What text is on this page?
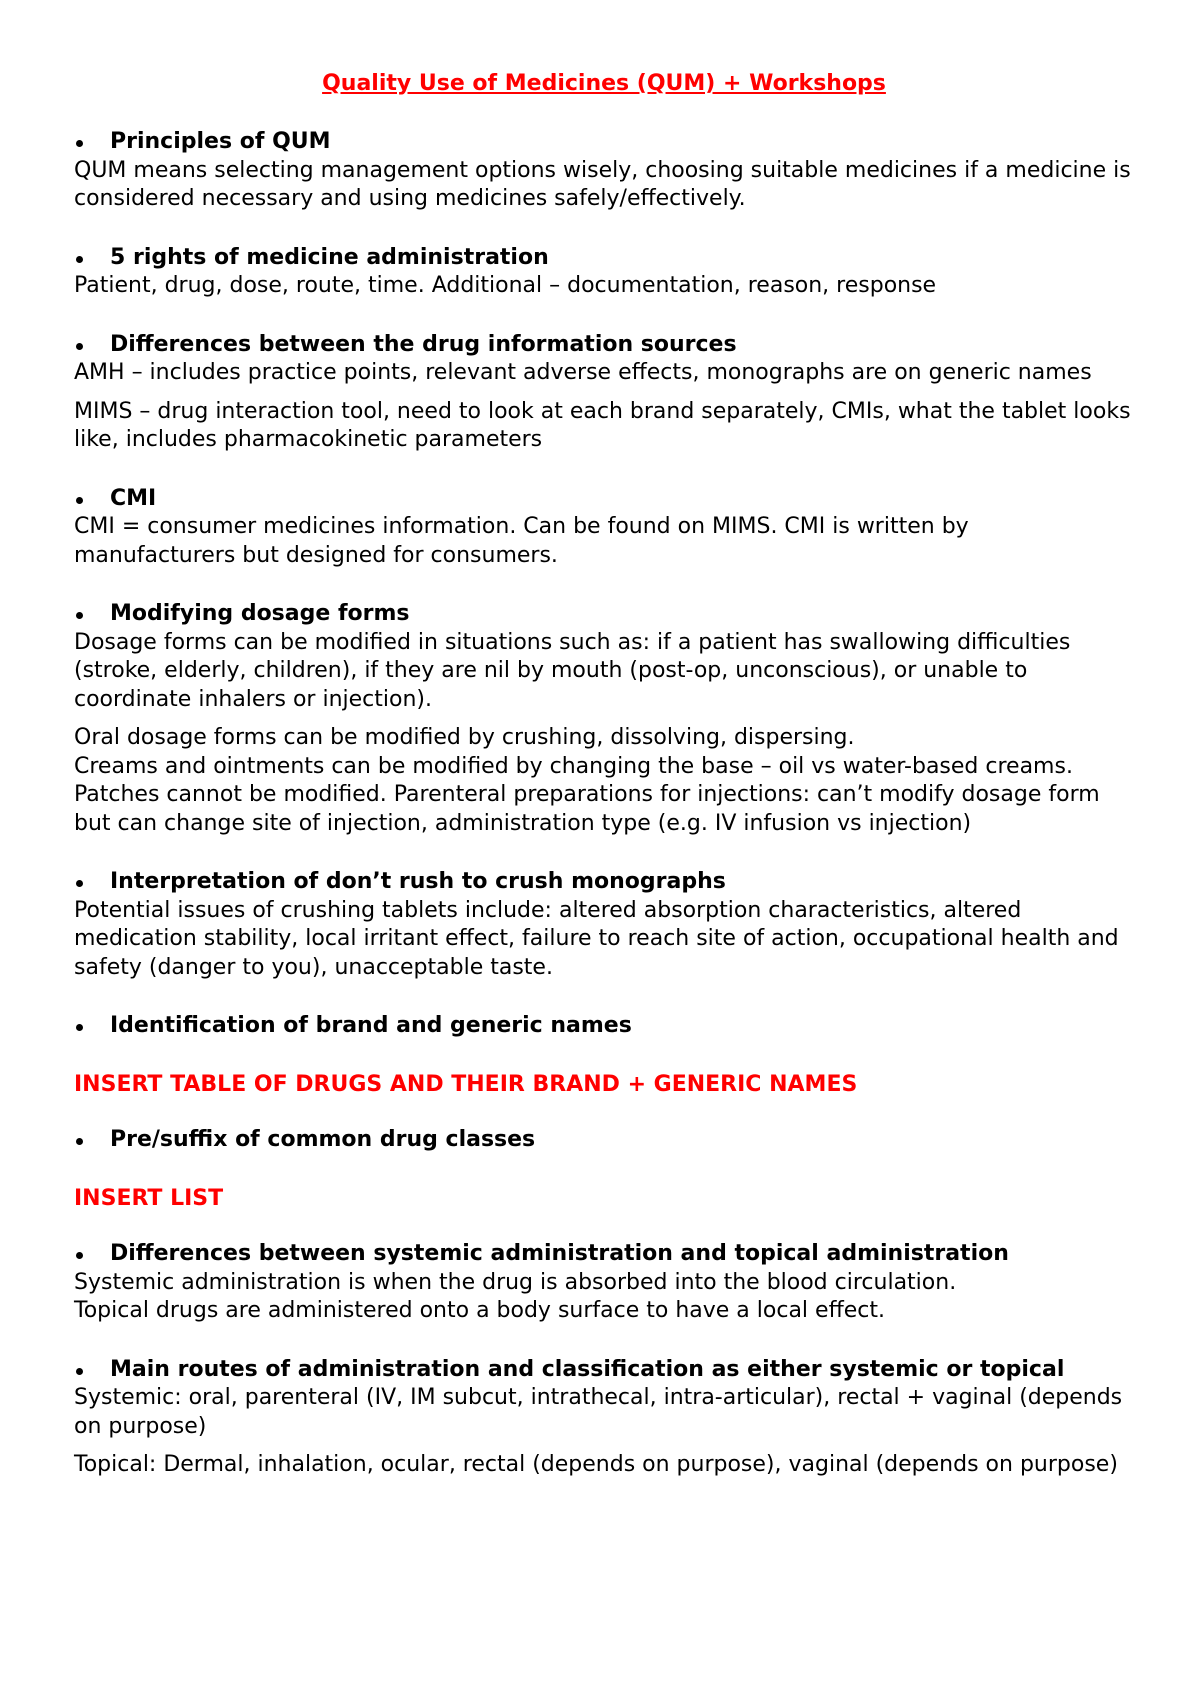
Quality Use of Medicines (QUM) + Workshops

Principles of QUM

QUM means selecting management options wisely, choosing suitable medicines if a medicine is considered necessary and using medicines safely/effectively.

5 rights of medicine administration

Patient, drug, dose, route, time. Additional – documentation, reason, response

Differences between the drug information sources

AMH – includes practice points, relevant adverse effects, monographs are on generic names

MIMS – drug interaction tool, need to look at each brand separately, CMIs, what the tablet looks like, includes pharmacokinetic parameters

CMI

CMI = consumer medicines information. Can be found on MIMS. CMI is written by manufacturers but designed for consumers.

Modifying dosage forms

Dosage forms can be modified in situations such as: if a patient has swallowing difficulties (stroke, elderly, children), if they are nil by mouth (post-op, unconscious), or unable to coordinate inhalers or injection).

Oral dosage forms can be modified by crushing, dissolving, dispersing.

Creams and ointments can be modified by changing the base – oil vs water-based creams.

Patches cannot be modified. Parenteral preparations for injections: can’t modify dosage form but can change site of injection, administration type (e.g. IV infusion vs injection)

Interpretation of don’t rush to crush monographs

Potential issues of crushing tablets include: altered absorption characteristics, altered medication stability, local irritant effect, failure to reach site of action, occupational health and safety (danger to you), unacceptable taste.

Identification of brand and generic names

INSERT TABLE OF DRUGS AND THEIR BRAND + GENERIC NAMES

Pre/suffix of common drug classes

INSERT LIST

Differences between systemic administration and topical administration

Systemic administration is when the drug is absorbed into the blood circulation.

Topical drugs are administered onto a body surface to have a local effect.

Main routes of administration and classification as either systemic or topical

Systemic: oral, parenteral (IV, IM subcut, intrathecal, intra-articular), rectal + vaginal (depends on purpose)

Topical: Dermal, inhalation, ocular, rectal (depends on purpose), vaginal (depends on purpose)
